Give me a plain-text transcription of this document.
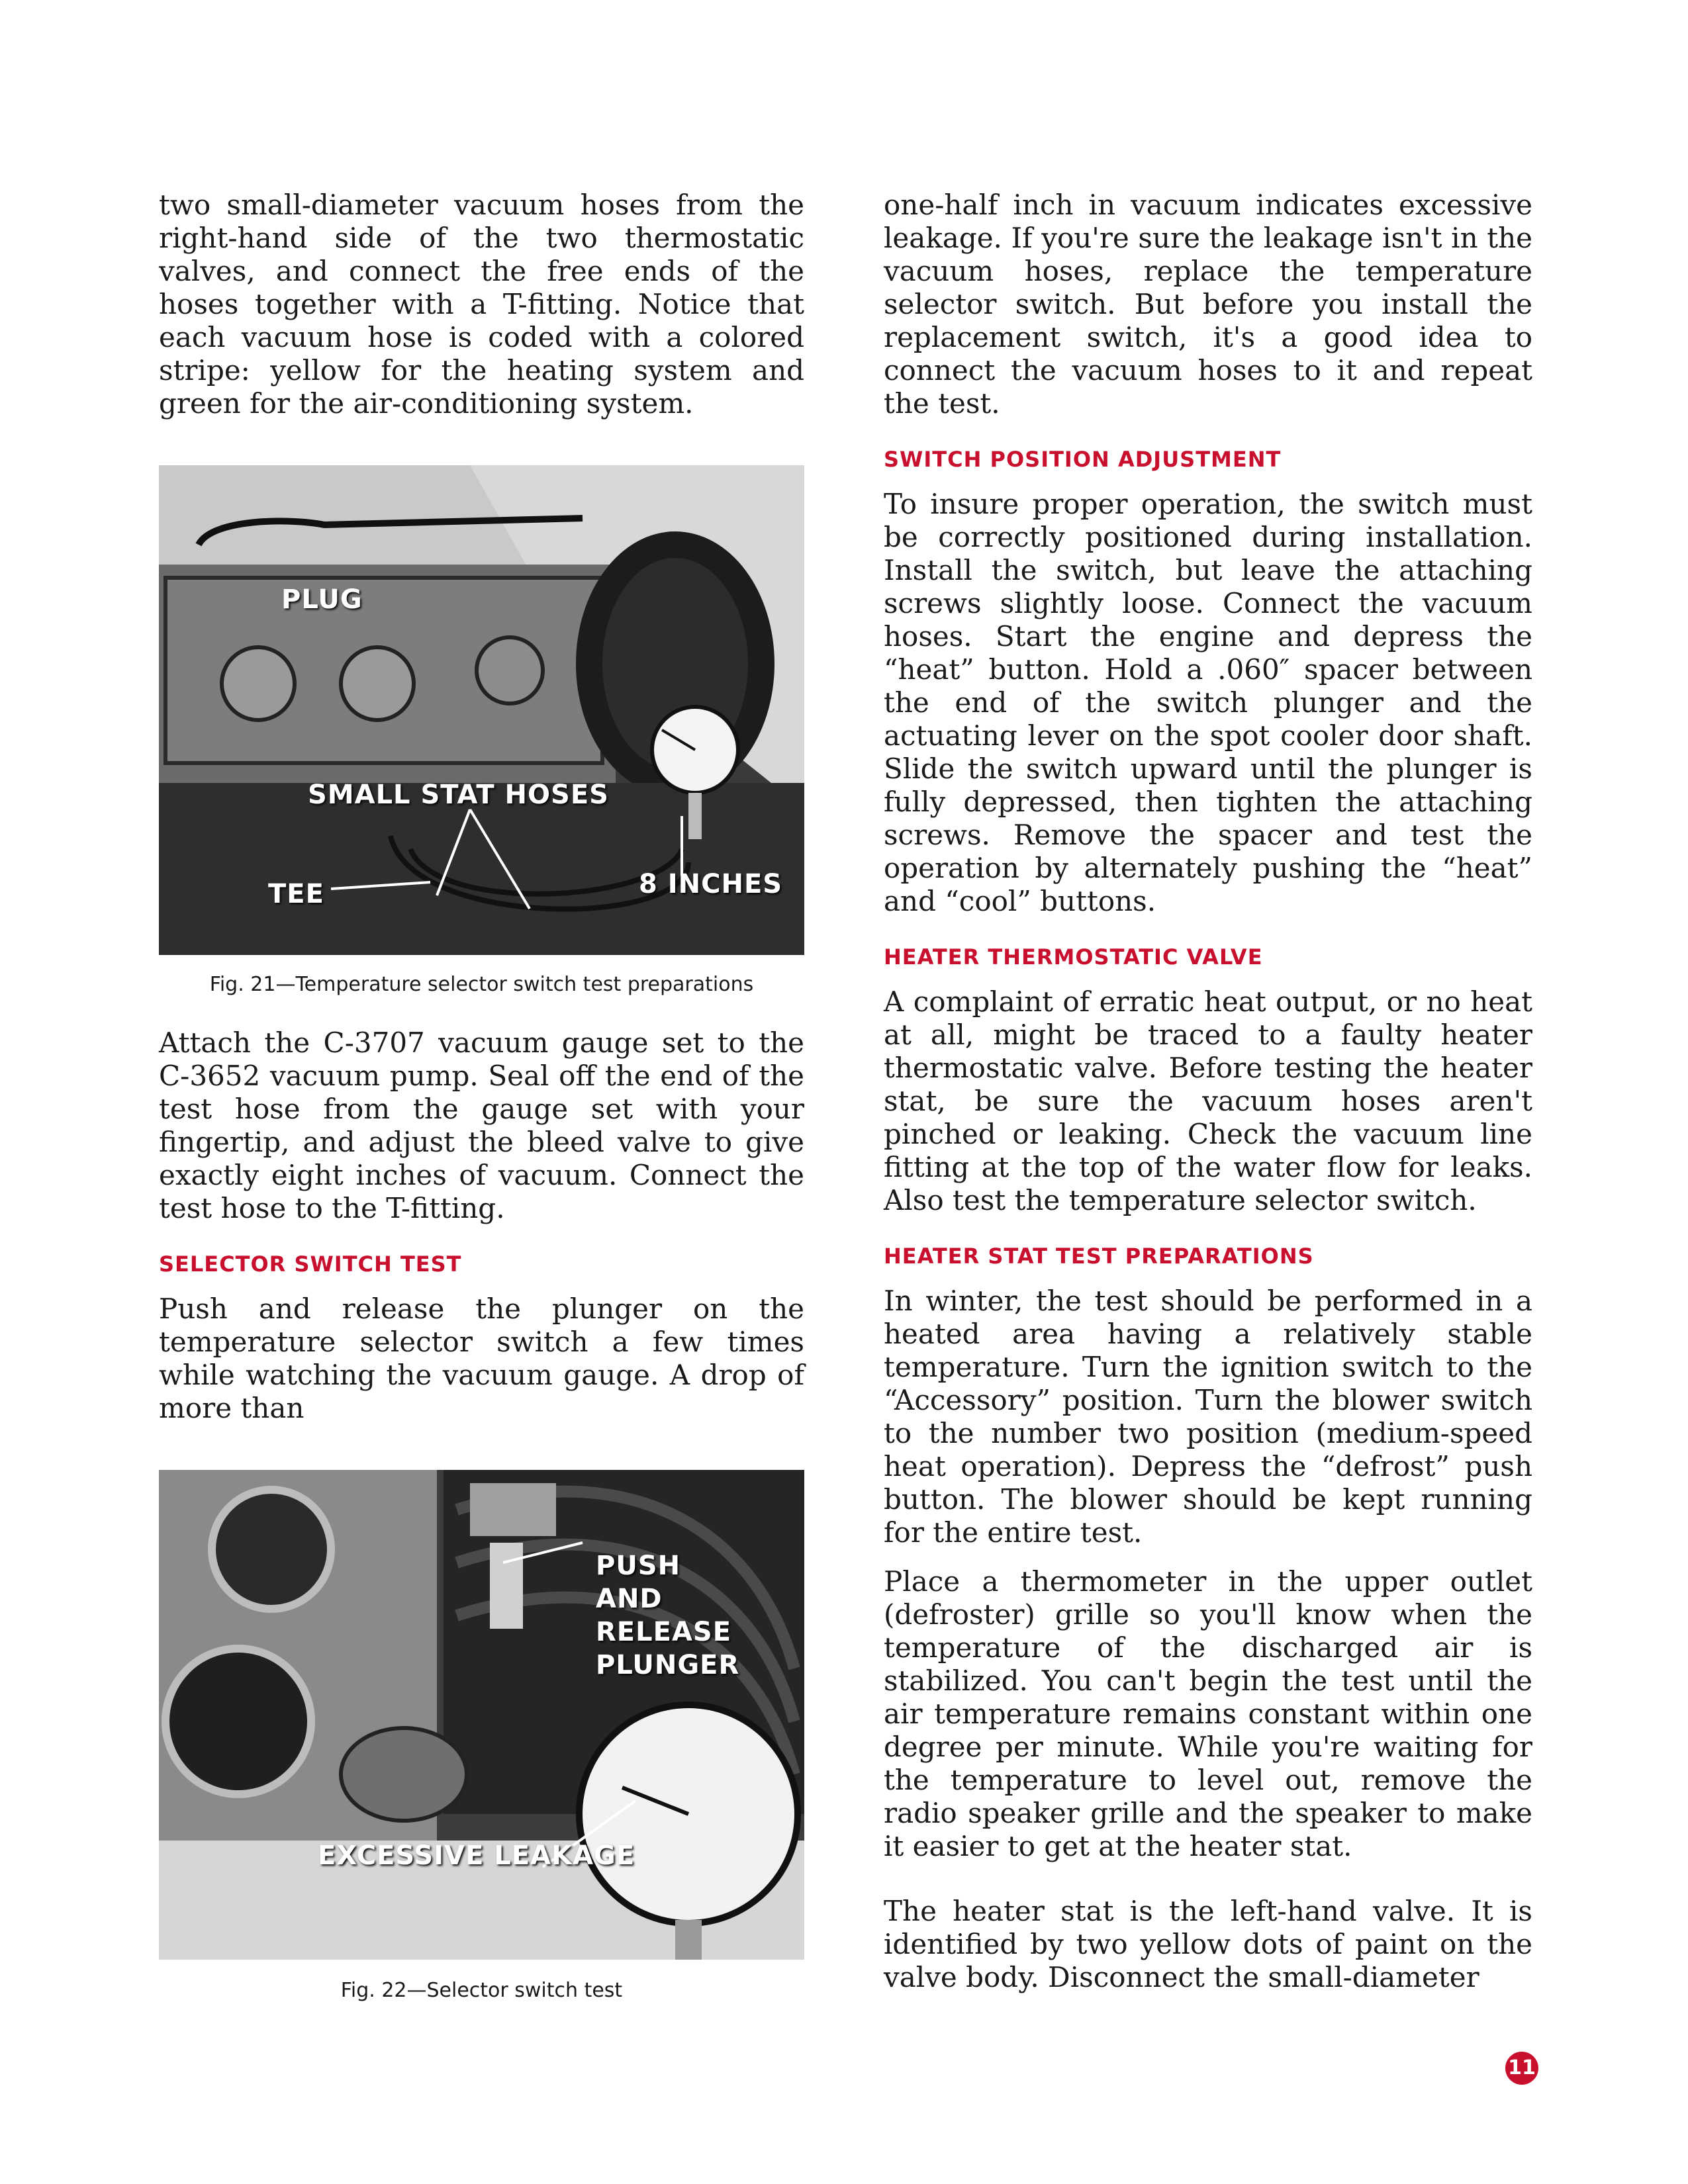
two small-diameter vacuum hoses from the right-hand side of the two thermostatic valves, and connect the free ends of the hoses together with a T-fitting. Notice that each vacuum hose is coded with a colored stripe: yellow for the heating system and green for the air-conditioning system.

PLUG
SMALL STAT HOSES
TEE	8 INCHES

Fig. 21—Temperature selector switch test preparations

Attach the C-3707 vacuum gauge set to the C-3652 vacuum pump. Seal off the end of the test hose from the gauge set with your fingertip, and adjust the bleed valve to give exactly eight inches of vacuum. Connect the test hose to the T-fitting.

SELECTOR SWITCH TEST

Push and release the plunger on the temperature selector switch a few times while watching the vacuum gauge. A drop of more than

PUSH AND RELEASE PLUNGER
EXCESSIVE LEAKAGE

Fig. 22—Selector switch test

one-half inch in vacuum indicates excessive leakage. If you're sure the leakage isn't in the vacuum hoses, replace the temperature selector switch. But before you install the replacement switch, it's a good idea to connect the vacuum hoses to it and repeat the test.

SWITCH POSITION ADJUSTMENT

To insure proper operation, the switch must be correctly positioned during installation. Install the switch, but leave the attaching screws slightly loose. Connect the vacuum hoses. Start the engine and depress the “heat” button. Hold a .060″ spacer between the end of the switch plunger and the actuating lever on the spot cooler door shaft. Slide the switch upward until the plunger is fully depressed, then tighten the attaching screws. Remove the spacer and test the operation by alternately pushing the “heat” and “cool” buttons.

HEATER THERMOSTATIC VALVE

A complaint of erratic heat output, or no heat at all, might be traced to a faulty heater thermostatic valve. Before testing the heater stat, be sure the vacuum hoses aren't pinched or leaking. Check the vacuum line fitting at the top of the water flow for leaks. Also test the temperature selector switch.

HEATER STAT TEST PREPARATIONS

In winter, the test should be performed in a heated area having a relatively stable temperature. Turn the ignition switch to the “Accessory” position. Turn the blower switch to the number two position (medium-speed heat operation). Depress the “defrost” push button. The blower should be kept running for the entire test.

Place a thermometer in the upper outlet (defroster) grille so you'll know when the temperature of the discharged air is stabilized. You can't begin the test until the air temperature remains constant within one degree per minute. While you're waiting for the temperature to level out, remove the radio speaker grille and the speaker to make it easier to get at the heater stat.

The heater stat is the left-hand valve. It is identified by two yellow dots of paint on the valve body. Disconnect the small-diameter

11
